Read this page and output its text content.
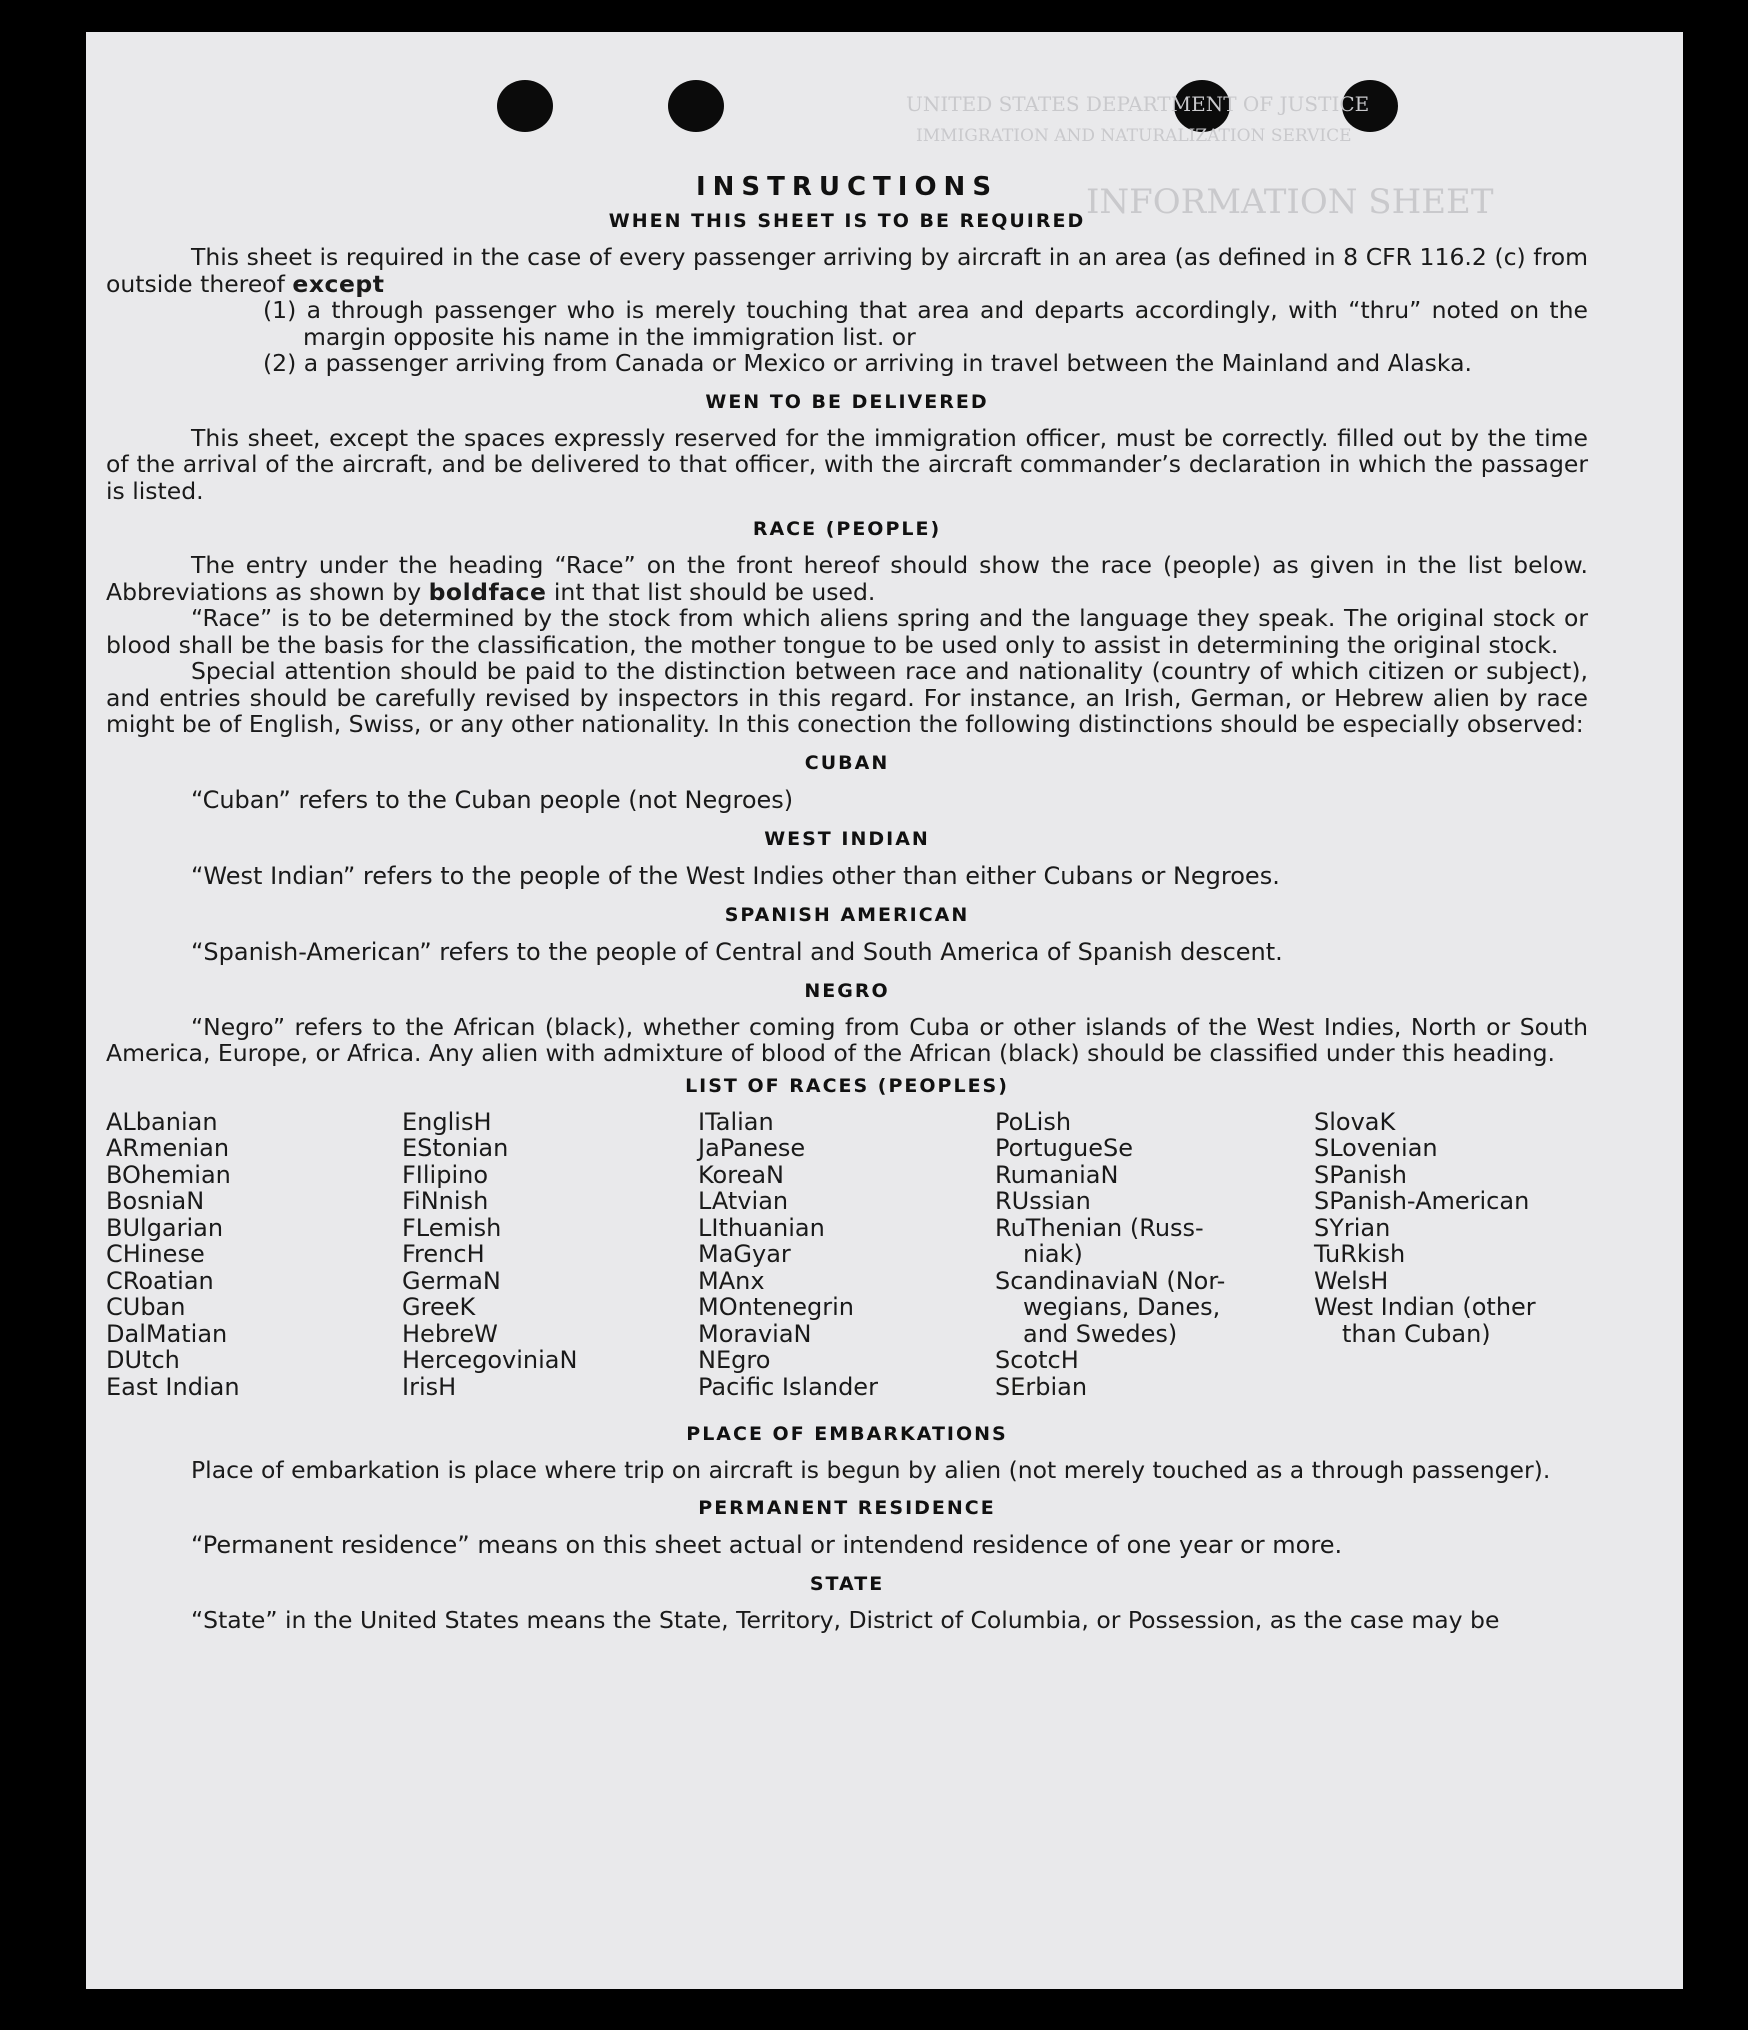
UNITED STATES DEPARTMENT OF JUSTICE
IMMIGRATION AND NATURALIZATION SERVICE
INFORMATION SHEET
INSTRUCTIONS
WHEN THIS SHEET IS TO BE REQUIRED

This sheet is required in the case of every passenger arriving by aircraft in an area (as defined in 8 CFR 116.2 (c) from outside thereof except

(1) a through passenger who is merely touching that area and departs accordingly, with “thru” noted on the margin opposite his name in the immigration list. or

(2) a passenger arriving from Canada or Mexico or arriving in travel between the Mainland and Alaska.

WEN TO BE DELIVERED

This sheet, except the spaces expressly reserved for the immigration officer, must be correctly. filled out by the time of the arrival of the aircraft, and be delivered to that officer, with the aircraft commander’s declaration in which the passager is listed.

RACE (PEOPLE)

The entry under the heading “Race” on the front hereof should show the race (people) as given in the list below. Abbreviations as shown by boldface int that list should be used.

“Race” is to be determined by the stock from which aliens spring and the language they speak. The original stock or blood shall be the basis for the classification, the mother tongue to be used only to assist in determining the original stock.

Special attention should be paid to the distinction between race and nationality (country of which citizen or subject), and entries should be carefully revised by inspectors in this regard. For instance, an Irish, German, or Hebrew alien by race might be of English, Swiss, or any other nationality. In this conection the following distinctions should be especially observed:

CUBAN

“Cuban” refers to the Cuban people (not Negroes)

WEST INDIAN

“West Indian” refers to the people of the West Indies other than either Cubans or Negroes.

SPANISH AMERICAN

“Spanish-American” refers to the people of Central and South America of Spanish descent.

NEGRO

“Negro” refers to the African (black), whether coming from Cuba or other islands of the West Indies, North or South America, Europe, or Africa. Any alien with admixture of blood of the African (black) should be classified under this heading.

LIST OF RACES (PEOPLES)
ALbanian
ARmenian
BOhemian
BosniaN
BUlgarian
CHinese
CRoatian
CUban
DalMatian
DUtch
East Indian
EnglisH
EStonian
FIlipino
FiNnish
FLemish
FrencH
GermaN
GreeK
HebreW
HercegoviniaN
IrisH
ITalian
JaPanese
KoreaN
LAtvian
LIthuanian
MaGyar
MAnx
MOntenegrin
MoraviaN
NEgro
Pacific Islander
PoLish
PortugueSe
RumaniaN
RUssian
RuThenian (Russ-
niak)
ScandinaviaN (Nor-
wegians, Danes,
and Swedes)
ScotcH
SErbian
SlovaK
SLovenian
SPanish
SPanish-American
SYrian
TuRkish
WelsH
West Indian (other
than Cuban)
PLACE OF EMBARKATIONS

Place of embarkation is place where trip on aircraft is begun by alien (not merely touched as a through passenger).

PERMANENT RESIDENCE

“Permanent residence” means on this sheet actual or intendend residence of one year or more.

STATE

“State” in the United States means the State, Territory, District of Columbia, or Possession, as the case may be
